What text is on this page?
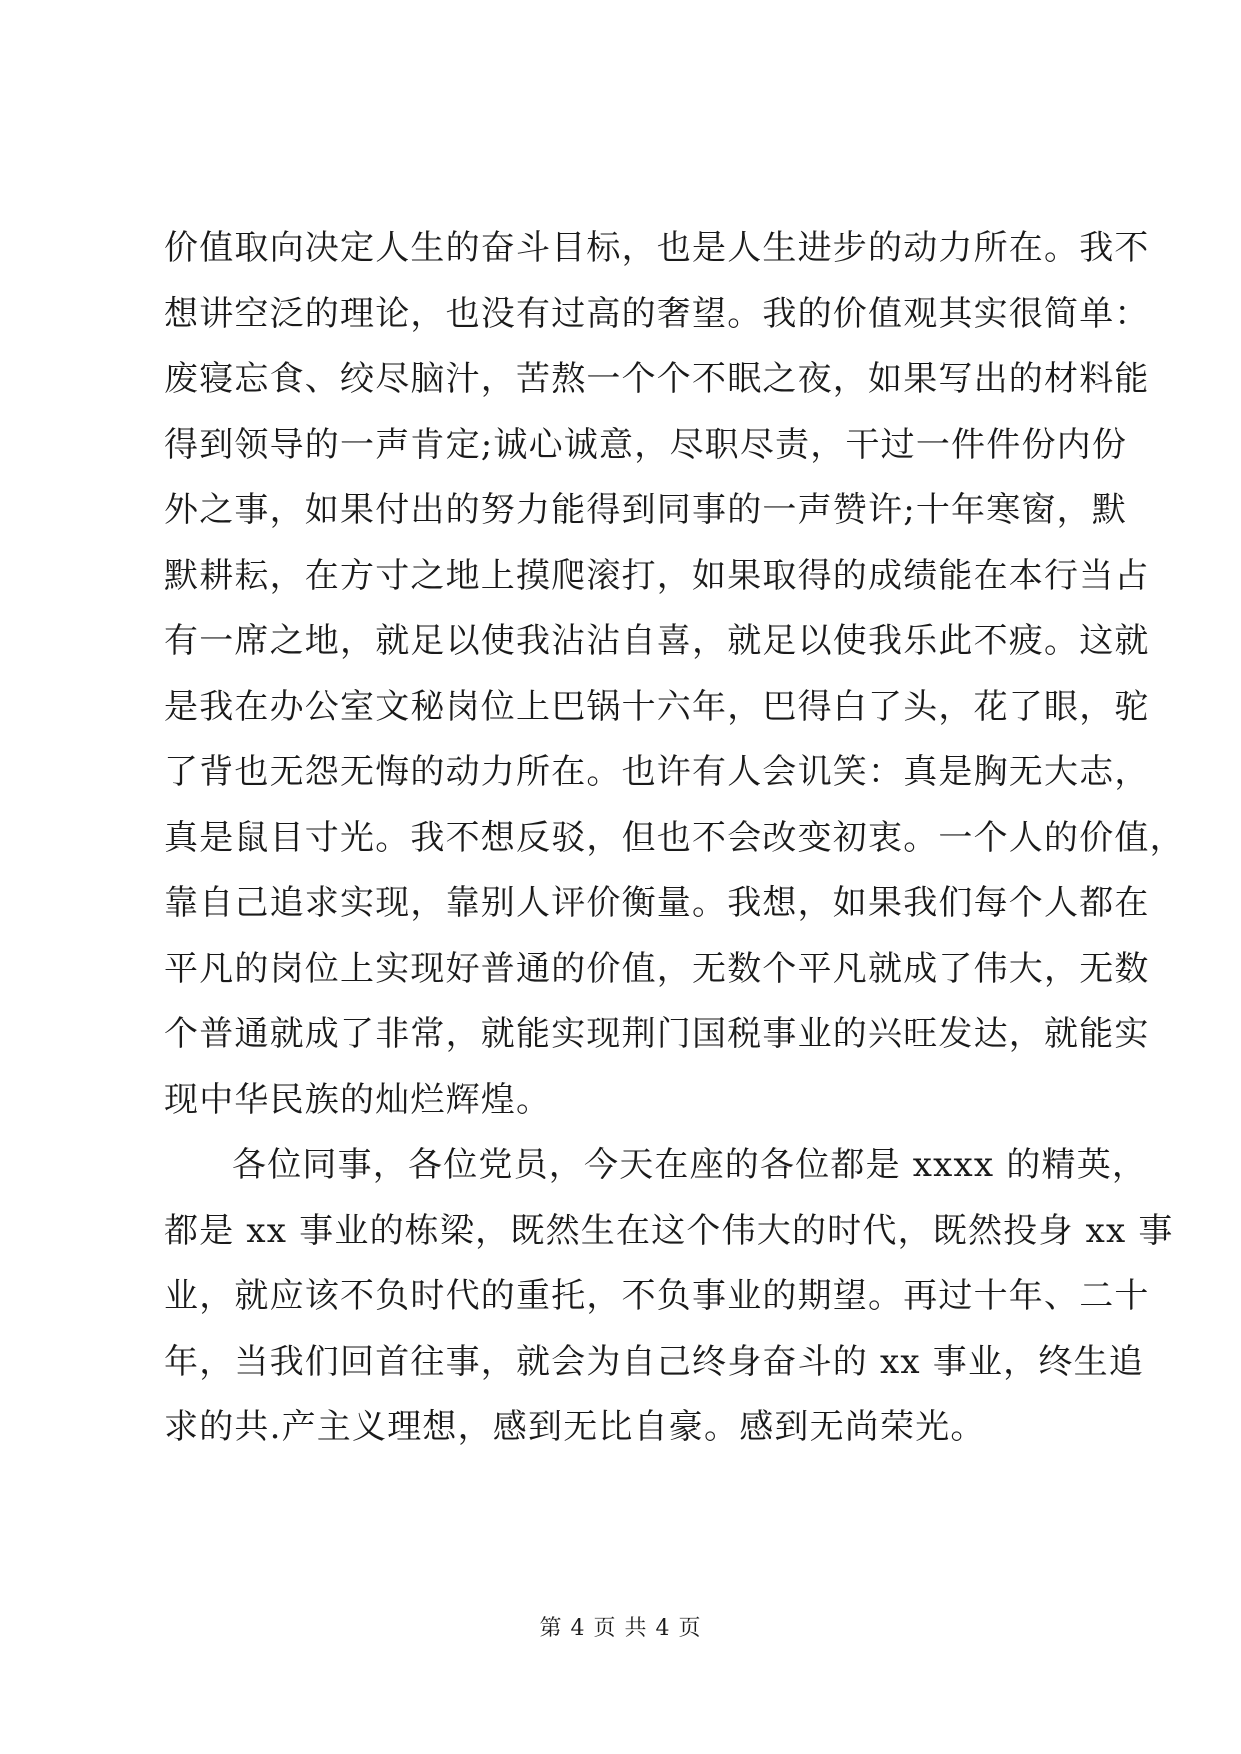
价值取向决定人生的奋斗目标，也是人生进步的动力所在。我不
想讲空泛的理论，也没有过高的奢望。我的价值观其实很简单：
废寝忘食、绞尽脑汁，苦熬一个个不眠之夜，如果写出的材料能
得到领导的一声肯定;诚心诚意，尽职尽责，干过一件件份内份
外之事，如果付出的努力能得到同事的一声赞许;十年寒窗，默
默耕耘，在方寸之地上摸爬滚打，如果取得的成绩能在本行当占
有一席之地，就足以使我沾沾自喜，就足以使我乐此不疲。这就
是我在办公室文秘岗位上巴锅十六年，巴得白了头，花了眼，驼
了背也无怨无悔的动力所在。也许有人会讥笑：真是胸无大志，
真是鼠目寸光。我不想反驳，但也不会改变初衷。一个人的价值，
靠自己追求实现，靠别人评价衡量。我想，如果我们每个人都在
平凡的岗位上实现好普通的价值，无数个平凡就成了伟大，无数
个普通就成了非常，就能实现荆门国税事业的兴旺发达，就能实
现中华民族的灿烂辉煌。
各位同事，各位党员，今天在座的各位都是 xxxx 的精英，
都是 xx 事业的栋梁，既然生在这个伟大的时代，既然投身 xx 事
业，就应该不负时代的重托，不负事业的期望。再过十年、二十
年，当我们回首往事，就会为自己终身奋斗的 xx 事业，终生追
求的共.产主义理想，感到无比自豪。感到无尚荣光。
第 4 页 共 4 页
